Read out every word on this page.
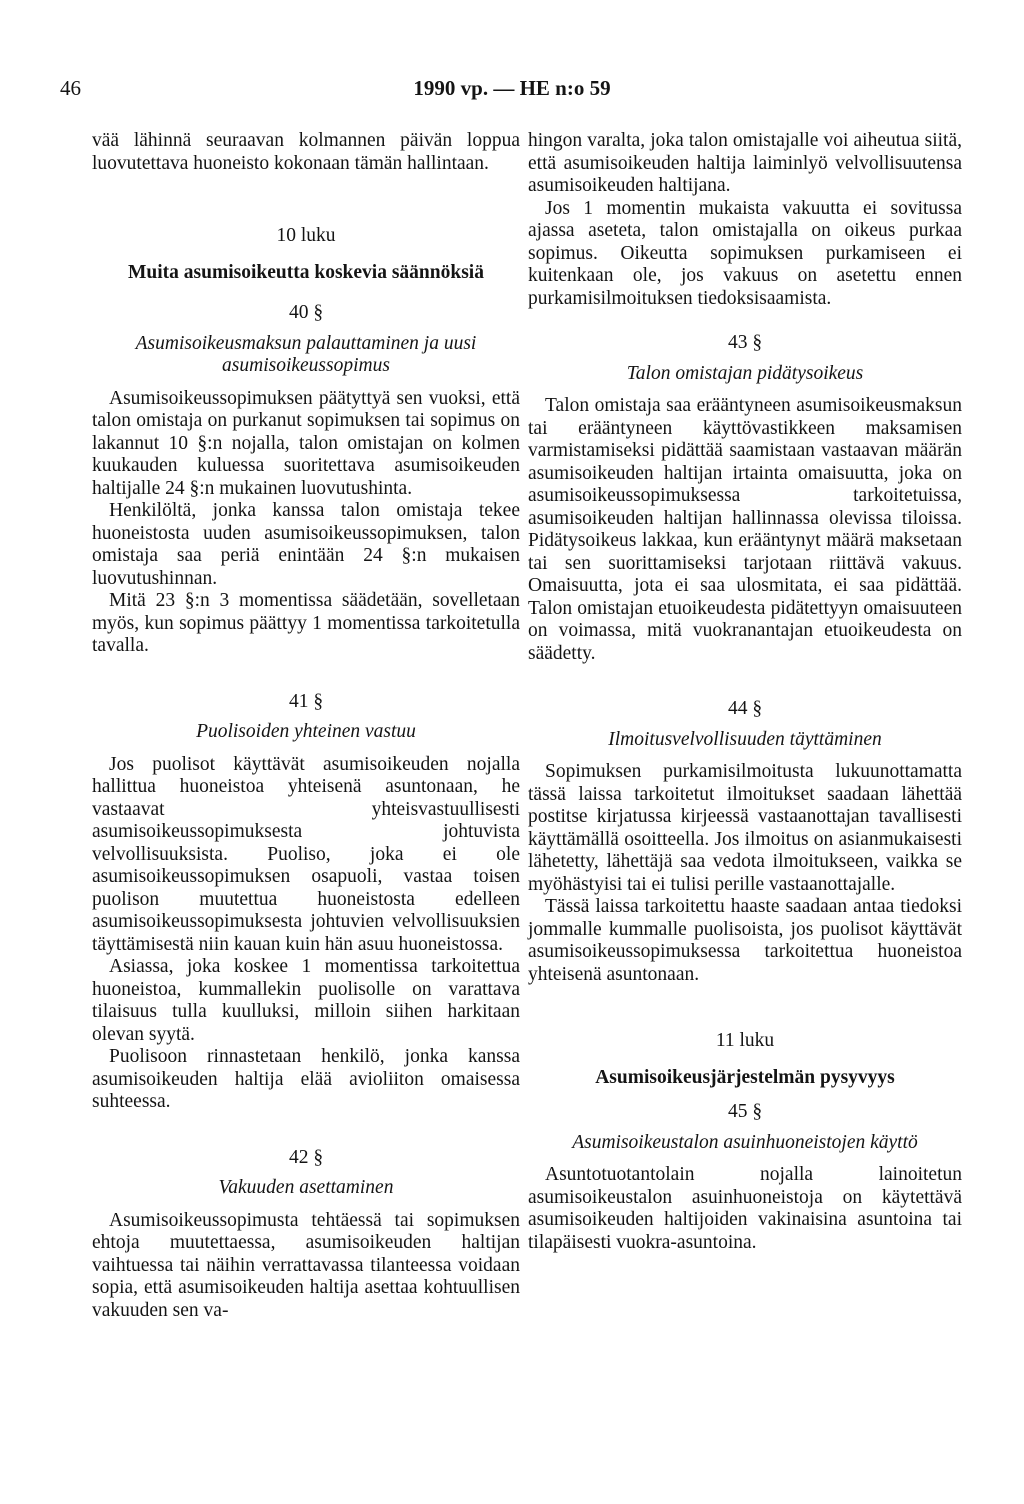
46	1990 vp. — HE n:o 59

vää lähinnä seuraavan kolmannen päivän loppua luovutettava huoneisto kokonaan tämän hallintaan.

10 luku
Muita asumisoikeutta koskevia säännöksiä
40 §
Asumisoikeusmaksun palauttaminen ja uusi asumisoikeussopimus

Asumisoikeussopimuksen päätyttyä sen vuoksi, että talon omistaja on purkanut sopimuksen tai sopimus on lakannut 10 §:n nojalla, talon omistajan on kolmen kuukauden kuluessa suoritettava asumisoikeuden haltijalle 24 §:n mukainen luovutushinta.

Henkilöltä, jonka kanssa talon omistaja tekee huoneistosta uuden asumisoikeussopimuksen, talon omistaja saa periä enintään 24 §:n mukaisen luovutushinnan.

Mitä 23 §:n 3 momentissa säädetään, sovelletaan myös, kun sopimus päättyy 1 momentissa tarkoitetulla tavalla.

41 §
Puolisoiden yhteinen vastuu

Jos puolisot käyttävät asumisoikeuden nojalla hallittua huoneistoa yhteisenä asuntonaan, he vastaavat yhteisvastuullisesti asumisoikeussopimuksesta johtuvista velvollisuuksista. Puoliso, joka ei ole asumisoikeussopimuksen osapuoli, vastaa toisen puolison muutettua huoneistosta edelleen asumisoikeussopimuksesta johtuvien velvollisuuksien täyttämisestä niin kauan kuin hän asuu huoneistossa.

Asiassa, joka koskee 1 momentissa tarkoitettua huoneistoa, kummallekin puolisolle on varattava tilaisuus tulla kuulluksi, milloin siihen harkitaan olevan syytä.

Puolisoon rinnastetaan henkilö, jonka kanssa asumisoikeuden haltija elää avioliiton omaisessa suhteessa.

42 §
Vakuuden asettaminen

Asumisoikeussopimusta tehtäessä tai sopimuksen ehtoja muutettaessa, asumisoikeuden haltijan vaihtuessa tai näihin verrattavassa tilanteessa voidaan sopia, että asumisoikeuden haltija asettaa kohtuullisen vakuuden sen va-

hingon varalta, joka talon omistajalle voi aiheutua siitä, että asumisoikeuden haltija laiminlyö velvollisuutensa asumisoikeuden haltijana.

Jos 1 momentin mukaista vakuutta ei sovitussa ajassa aseteta, talon omistajalla on oikeus purkaa sopimus. Oikeutta sopimuksen purkamiseen ei kuitenkaan ole, jos vakuus on asetettu ennen purkamisilmoituksen tiedoksisaamista.

43 §
Talon omistajan pidätysoikeus

Talon omistaja saa erääntyneen asumisoikeusmaksun tai erääntyneen käyttövastikkeen maksamisen varmistamiseksi pidättää saamistaan vastaavan määrän asumisoikeuden haltijan irtainta omaisuutta, joka on asumisoikeussopimuksessa tarkoitetuissa, asumisoikeuden haltijan hallinnassa olevissa tiloissa. Pidätysoikeus lakkaa, kun erääntynyt määrä maksetaan tai sen suorittamiseksi tarjotaan riittävä vakuus. Omaisuutta, jota ei saa ulosmitata, ei saa pidättää. Talon omistajan etuoikeudesta pidätettyyn omaisuuteen on voimassa, mitä vuokranantajan etuoikeudesta on säädetty.

44 §
Ilmoitusvelvollisuuden täyttäminen

Sopimuksen purkamisilmoitusta lukuunottamatta tässä laissa tarkoitetut ilmoitukset saadaan lähettää postitse kirjatussa kirjeessä vastaanottajan tavallisesti käyttämällä osoitteella. Jos ilmoitus on asianmukaisesti lähetetty, lähettäjä saa vedota ilmoitukseen, vaikka se myöhästyisi tai ei tulisi perille vastaanottajalle.

Tässä laissa tarkoitettu haaste saadaan antaa tiedoksi jommalle kummalle puolisoista, jos puolisot käyttävät asumisoikeussopimuksessa tarkoitettua huoneistoa yhteisenä asuntonaan.

11 luku
Asumisoikeusjärjestelmän pysyvyys
45 §
Asumisoikeustalon asuinhuoneistojen käyttö

Asuntotuotantolain nojalla lainoitetun asumisoikeustalon asuinhuoneistoja on käytettävä asumisoikeuden haltijoiden vakinaisina asuntoina tai tilapäisesti vuokra-asuntoina.
